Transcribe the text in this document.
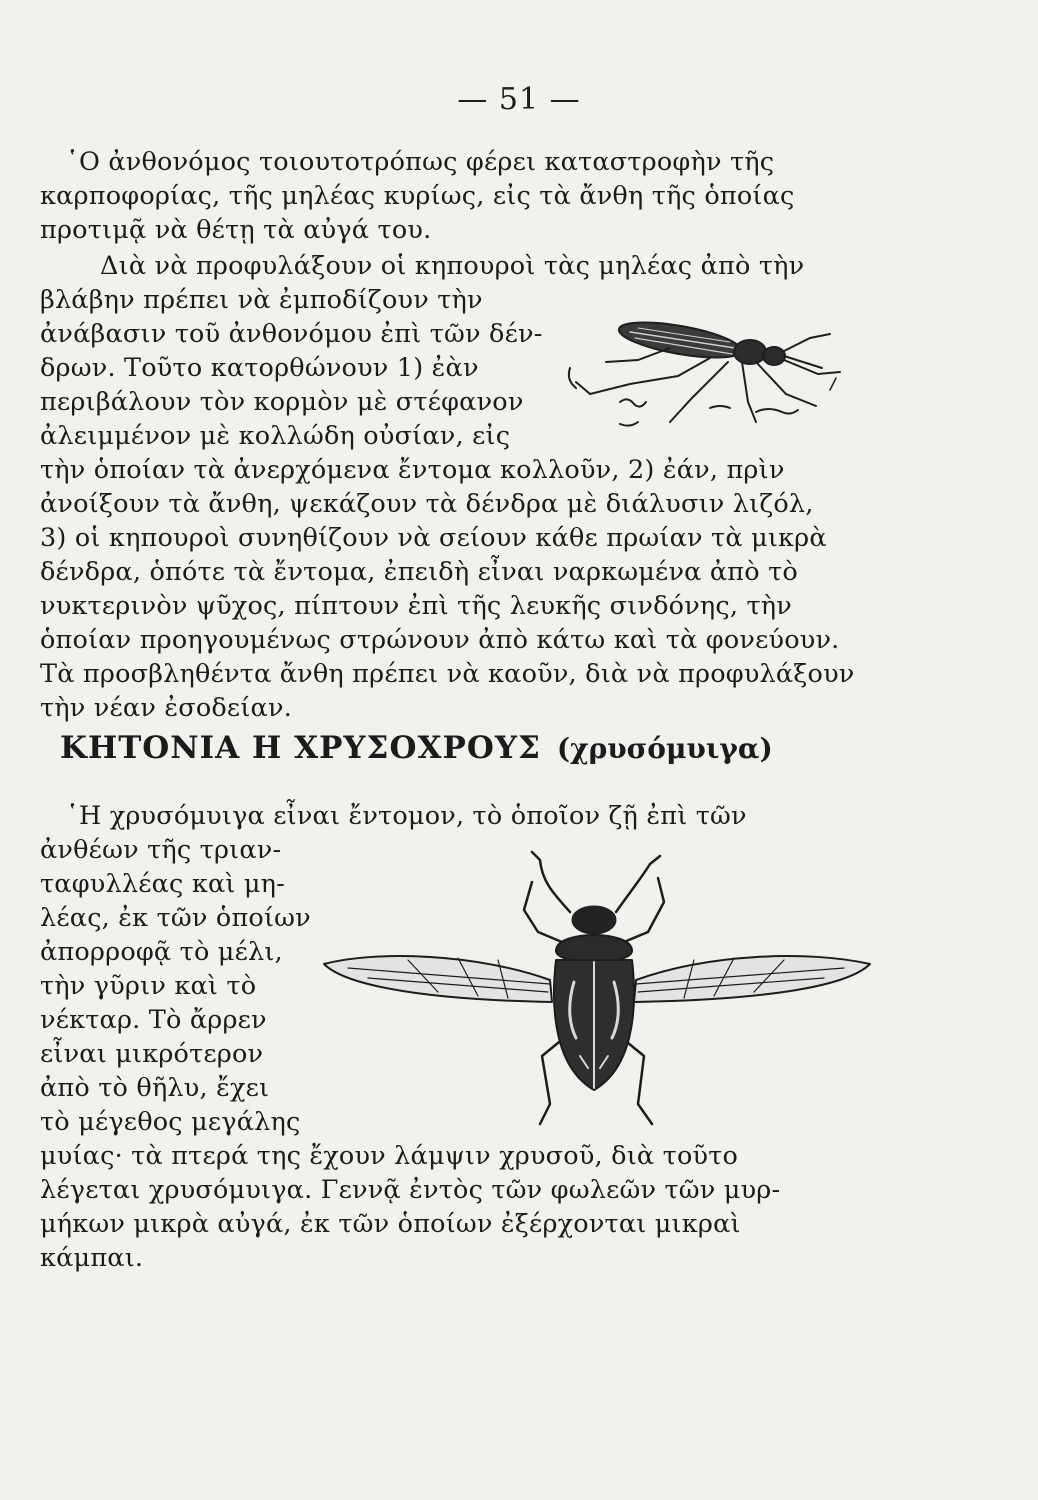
— 51 —
῾Ο ἀνθονόμος τοιουτοτρόπως φέρει καταστροφὴν τῆς
καρποφορίας, τῆς μηλέας κυρίως, εἰς τὰ ἄνθη τῆς ὁποίας
προτιμᾷ νὰ θέτῃ τὰ αὐγά του.
Διὰ νὰ προφυλάξουν οἱ κηπουροὶ τὰς μηλέας ἀπὸ τὴν
βλάβην πρέπει νὰ ἐμποδίζουν τὴν
ἀνάβασιν τοῦ ἀνθονόμου ἐπὶ τῶν δέν-
δρων. Τοῦτο κατορθώνουν 1) ἐὰν
περιβάλουν τὸν κορμὸν μὲ στέφανον
ἀλειμμένον μὲ κολλώδη οὐσίαν, εἰς
τὴν ὁποίαν τὰ ἀνερχόμενα ἔντομα κολλοῦν, 2) ἐάν, πρὶν
ἀνοίξουν τὰ ἄνθη, ψεκάζουν τὰ δένδρα μὲ διάλυσιν λιζόλ,
3) οἱ κηπουροὶ συνηθίζουν νὰ σείουν κάθε πρωίαν τὰ μικρὰ
δένδρα, ὁπότε τὰ ἔντομα, ἐπειδὴ εἶναι ναρκωμένα ἀπὸ τὸ
νυκτερινὸν ψῦχος, πίπτουν ἐπὶ τῆς λευκῆς σινδόνης, τὴν
ὁποίαν προηγουμένως στρώνουν ἀπὸ κάτω καὶ τὰ φονεύουν.
Τὰ προσβληθέντα ἄνθη πρέπει νὰ καοῦν, διὰ νὰ προφυλάξουν
τὴν νέαν ἐσοδείαν.
ΚΗΤΟΝΙΑ Η ΧΡΥΣΟΧΡΟΥΣ (χρυσόμυιγα)
῾Η χρυσόμυιγα εἶναι ἔντομον, τὸ ὁποῖον ζῇ ἐπὶ τῶν
ἀνθέων τῆς τριαν-
ταφυλλέας καὶ μη-
λέας, ἐκ τῶν ὁποίων
ἀπορροφᾷ τὸ μέλι,
τὴν γῦριν καὶ τὸ
νέκταρ. Τὸ ἄρρεν
εἶναι μικρότερον
ἀπὸ τὸ θῆλυ, ἔχει
τὸ μέγεθος μεγάλης
μυίας· τὰ πτερά της ἔχουν λάμψιν χρυσοῦ, διὰ τοῦτο
λέγεται χρυσόμυιγα. Γεννᾷ ἐντὸς τῶν φωλεῶν τῶν μυρ-
μήκων μικρὰ αὐγά, ἐκ τῶν ὁποίων ἐξέρχονται μικραὶ
κάμπαι.
